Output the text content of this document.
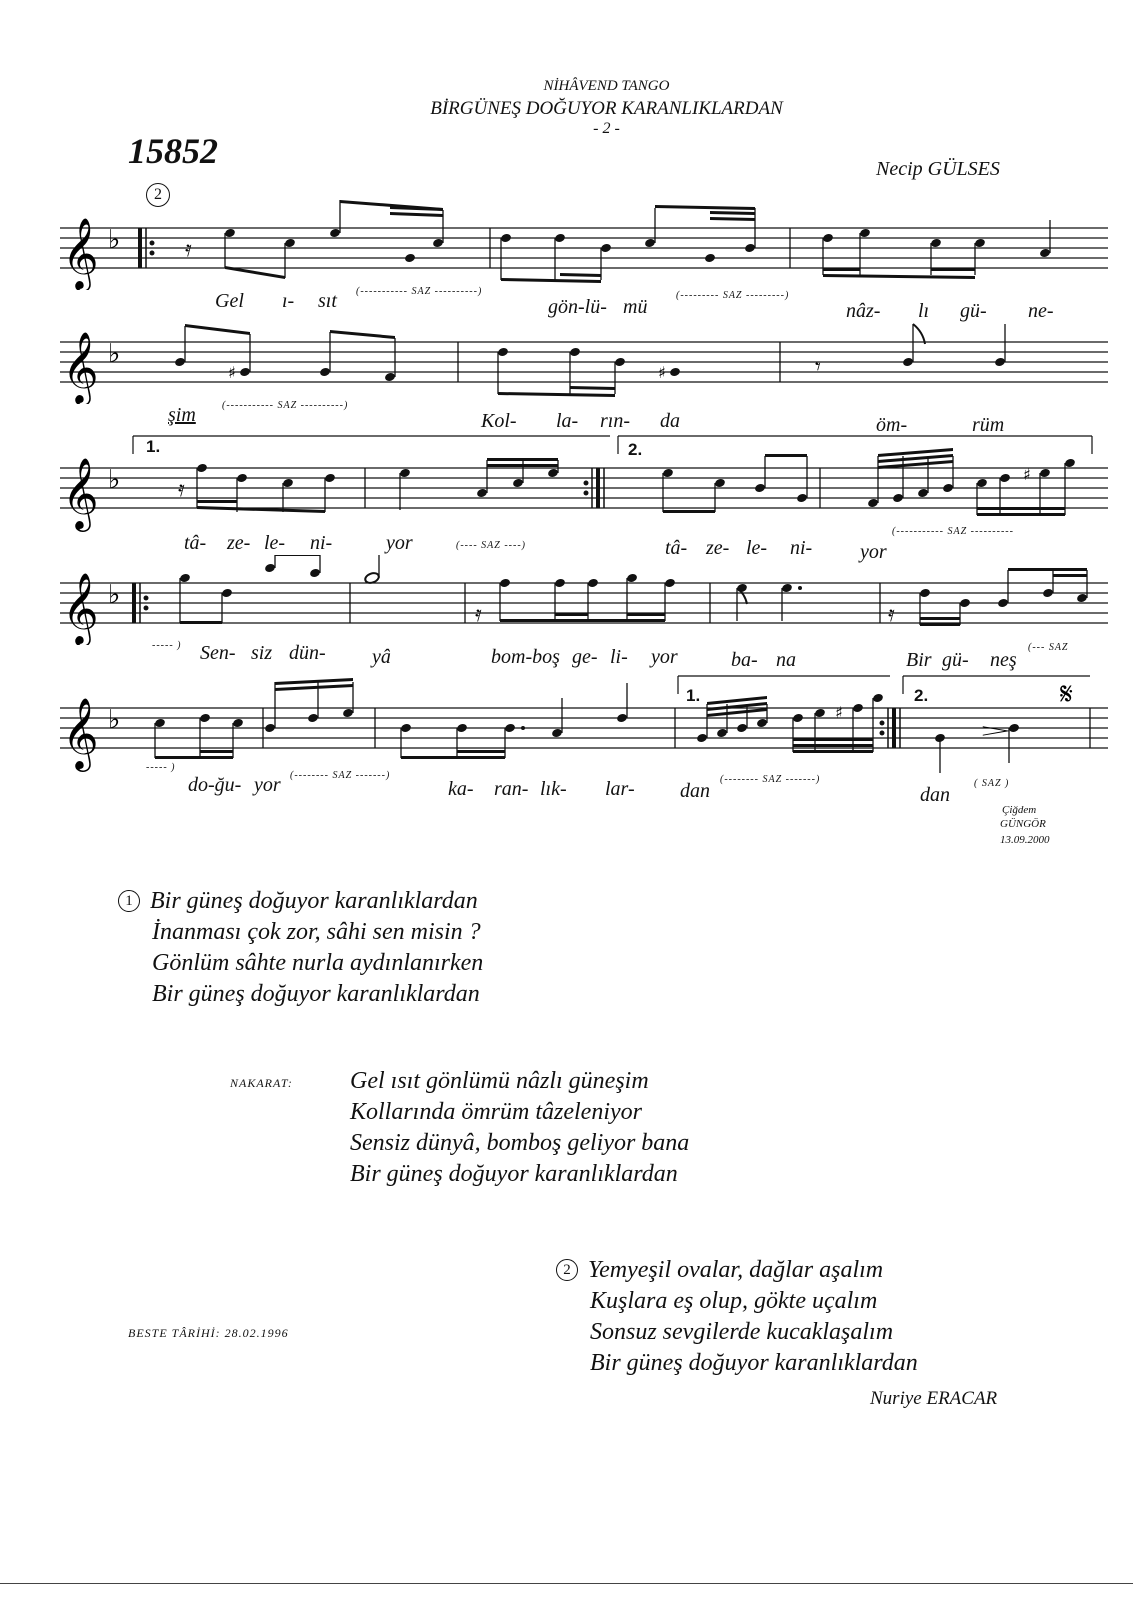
NİHÂVEND TANGO
BİRGÜNEŞ DOĞUYOR KARANLIKLARDAN
- 2 -
15852	Necip GÜLSES
2
𝄞 ♭	𝄿
Gel ı- sıt (----------- SAZ ----------)
gön-lü- mü
(--------- SAZ ---------)
nâz- lı gü- ne-
𝄞 ♭
♯	♯	𝄾
şim	(----------- SAZ ----------)
Kol- la- rın- da	öm-	rüm
𝄞 ♭	𝄿
♯
1.	2.
tâ- ze- le- ni-	yor	(---- SAZ ----)	tâ- ze- le- ni- yor
(----------- SAZ ----------
𝄞 ♭
𝄿	𝄿
----- ) Sen- siz dün- yâ	bom-boş ge- li- yor	ba- na	Bir gü- neş
(--- SAZ
𝄞 ♭	♯
𝆓
𝄋
1.	2.
----- )
do-ğu- yor (-------- SAZ -------)
ka- ran- lık- lar- dan
(-------- SAZ -------)
dan
( SAZ )
Çiğdem
GÜNGÖR
13.09.2000
1 Bir güneş doğuyor karanlıklardan
İnanması çok zor, sâhi sen misin ?
Gönlüm sâhte nurla aydınlanırken
Bir güneş doğuyor karanlıklardan
NAKARAT: Gel ısıt gönlümü nâzlı güneşim
Kollarında ömrüm tâzeleniyor
Sensiz dünyâ, bomboş geliyor bana
Bir güneş doğuyor karanlıklardan
2 Yemyeşil ovalar, dağlar aşalım
Kuşlara eş olup, gökte uçalım
Sonsuz sevgilerde kucaklaşalım
Bir güneş doğuyor karanlıklardan
Nuriye ERACAR
BESTE TÂRİHİ: 28.02.1996
